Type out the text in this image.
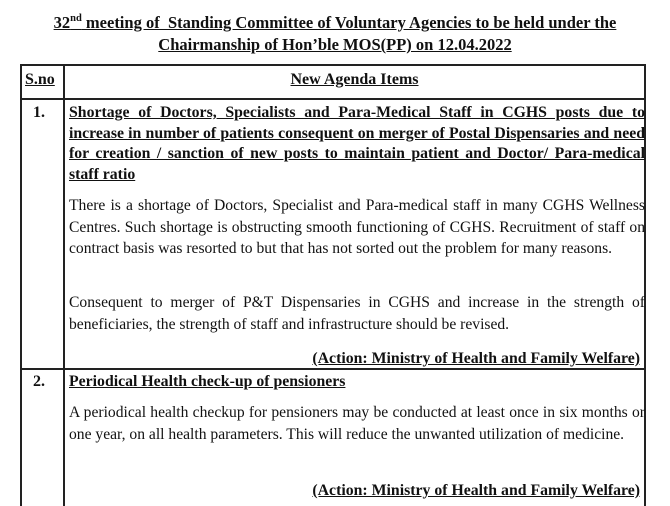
32nd meeting of  Standing Committee of Voluntary Agencies to be held under the
Chairmanship of Hon’ble MOS(PP) on 12.04.2022
S.no	New Agenda Items
1. Shortage of Doctors, Specialists and Para-Medical Staff in CGHS posts due to increase in number of patients consequent on merger of Postal Dispensaries and need for creation / sanction of new posts to maintain patient and Doctor/ Para-medical staff ratio
There is a shortage of Doctors, Specialist and Para-medical staff in many CGHS Wellness Centres. Such shortage is obstructing smooth functioning of CGHS. Recruitment of staff on contract basis was resorted to but that has not sorted out the problem for many reasons.
Consequent to merger of P&T Dispensaries in CGHS and increase in the strength of beneficiaries, the strength of staff and infrastructure should be revised.
(Action: Ministry of Health and Family Welfare)
2. Periodical Health check-up of pensioners
A periodical health checkup for pensioners may be conducted at least once in six months or one year, on all health parameters. This will reduce the unwanted utilization of medicine.
(Action: Ministry of Health and Family Welfare)
